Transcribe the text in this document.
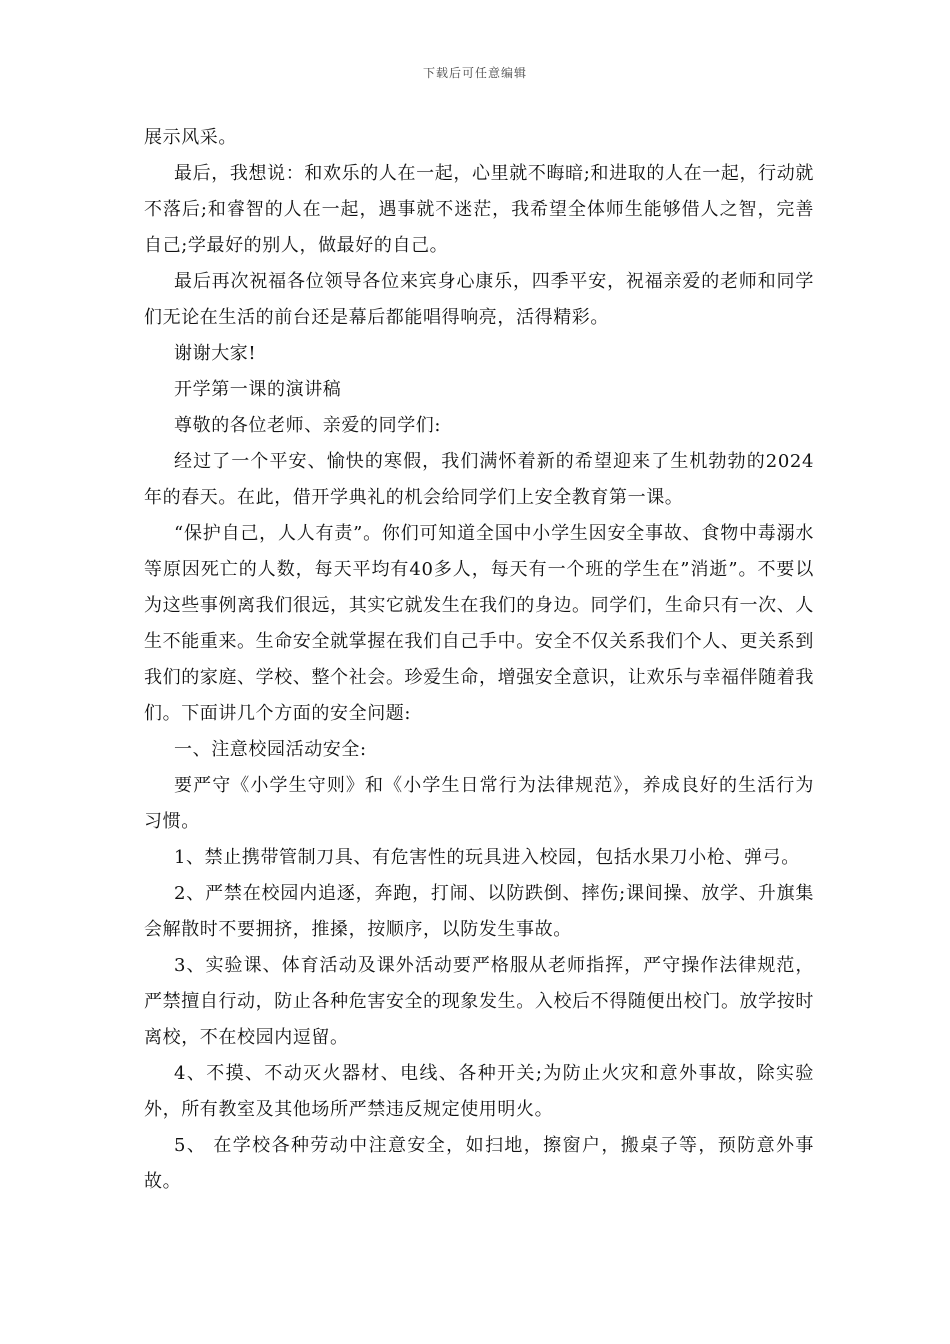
下载后可任意编辑

展示风采。

最后，我想说：和欢乐的人在一起，心里就不晦暗;和进取的人在一起，行动就不落后;和睿智的人在一起，遇事就不迷茫，我希望全体师生能够借人之智，完善自己;学最好的别人，做最好的自己。

最后再次祝福各位领导各位来宾身心康乐，四季平安，祝福亲爱的老师和同学们无论在生活的前台还是幕后都能唱得响亮，活得精彩。

谢谢大家!

开学第一课的演讲稿

尊敬的各位老师、亲爱的同学们:

经过了一个平安、愉快的寒假，我们满怀着新的希望迎来了生机勃勃的2024年的春天。在此，借开学典礼的机会给同学们上安全教育第一课。

“保护自己，人人有责”。你们可知道全国中小学生因安全事故、食物中毒溺水等原因死亡的人数，每天平均有40多人，每天有一个班的学生在”消逝”。不要以为这些事例离我们很远，其实它就发生在我们的身边。同学们，生命只有一次、人生不能重来。生命安全就掌握在我们自己手中。安全不仅关系我们个人、更关系到我们的家庭、学校、整个社会。珍爱生命，增强安全意识，让欢乐与幸福伴随着我们。下面讲几个方面的安全问题:

一、注意校园活动安全:

要严守《小学生守则》和《小学生日常行为法律规范》，养成良好的生活行为习惯。

1、禁止携带管制刀具、有危害性的玩具进入校园，包括水果刀小枪、弹弓。

2、严禁在校园内追逐，奔跑，打闹、以防跌倒、摔伤;课间操、放学、升旗集会解散时不要拥挤，推搡，按顺序，以防发生事故。

3、实验课、体育活动及课外活动要严格服从老师指挥，严守操作法律规范，严禁擅自行动，防止各种危害安全的现象发生。入校后不得随便出校门。放学按时离校，不在校园内逗留。

4、不摸、不动灭火器材、电线、各种开关;为防止火灾和意外事故，除实验外，所有教室及其他场所严禁违反规定使用明火。

5、 在学校各种劳动中注意安全，如扫地，擦窗户，搬桌子等，预防意外事故。
